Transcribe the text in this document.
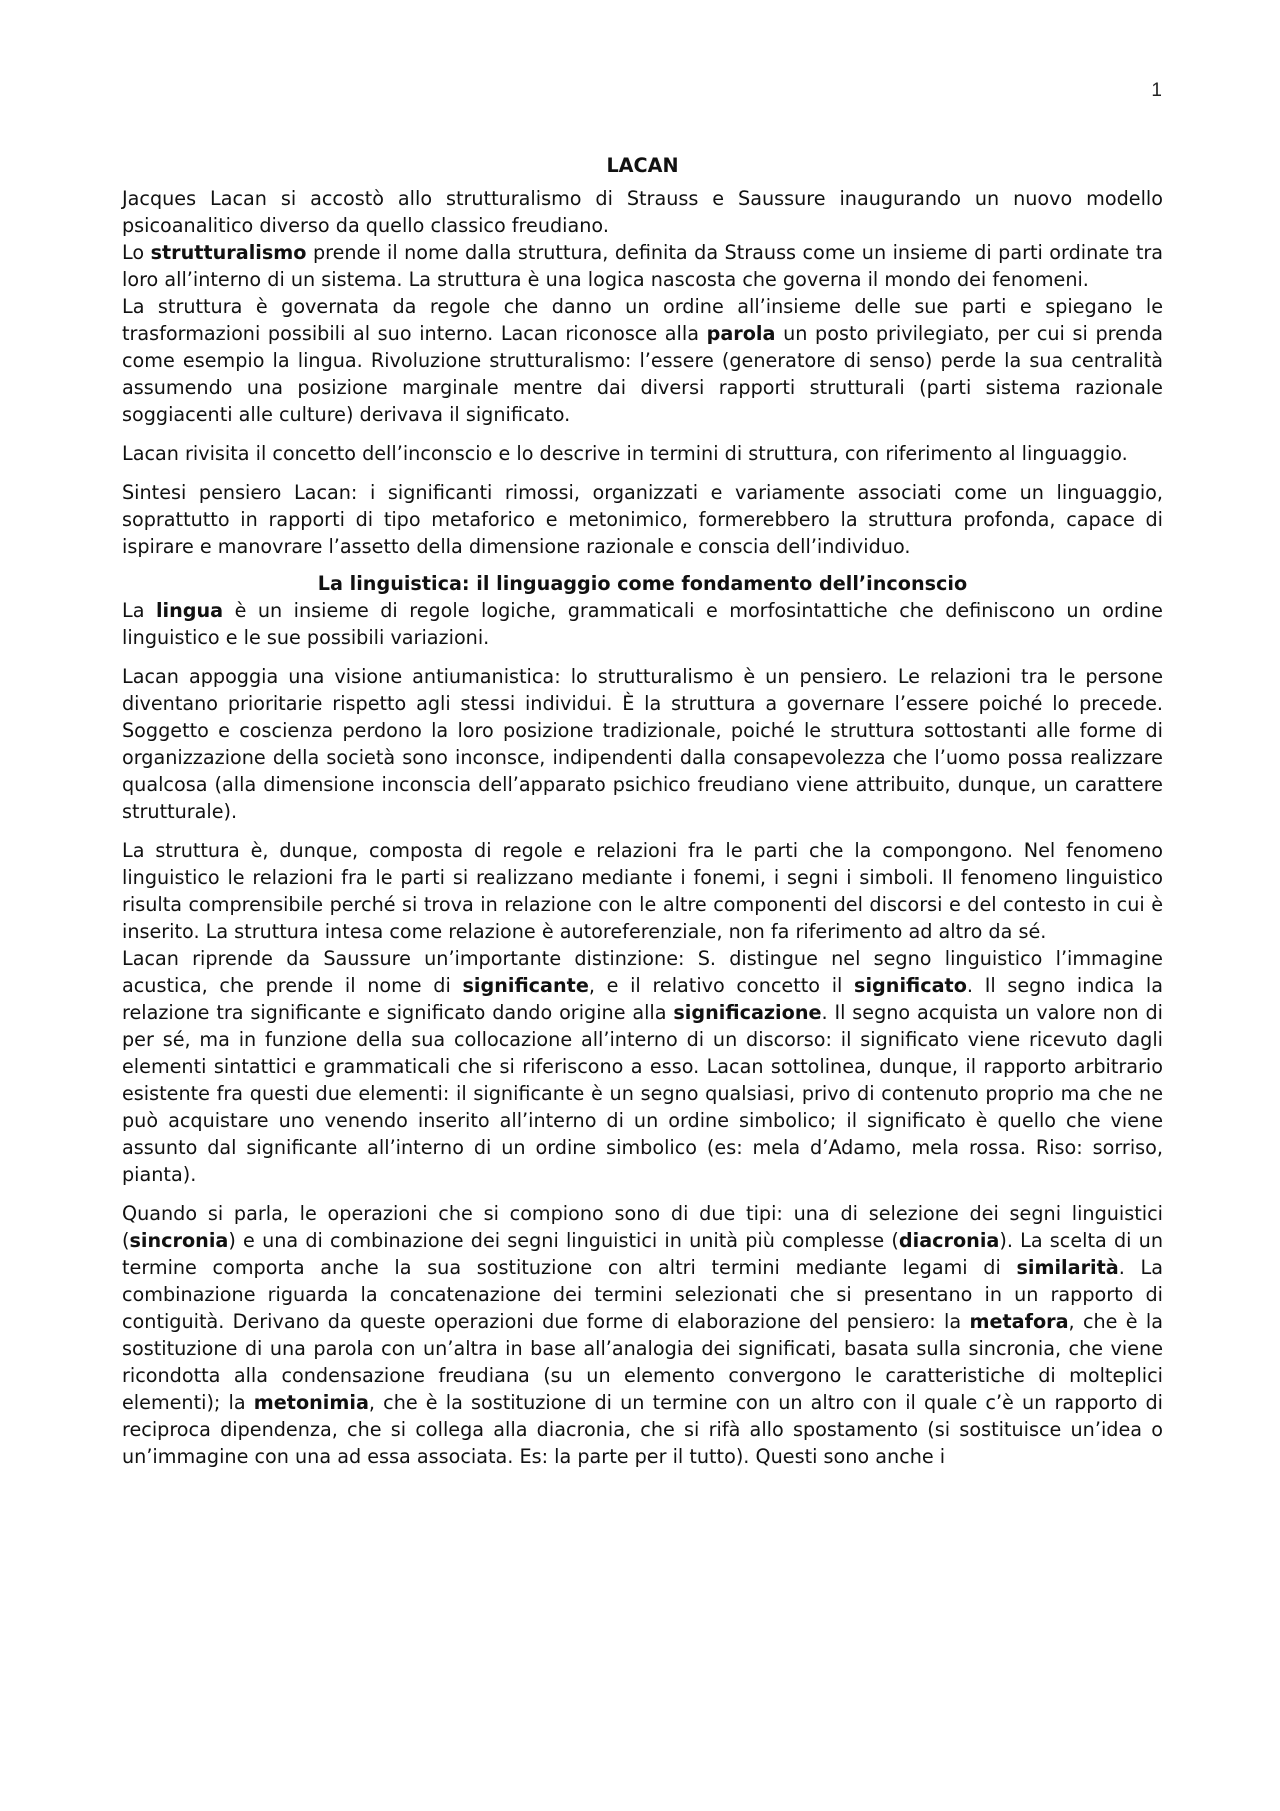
1
LACAN

Jacques Lacan si accostò allo strutturalismo di Strauss e Saussure inaugurando un nuovo modello psicoanalitico diverso da quello classico freudiano.

Lo strutturalismo prende il nome dalla struttura, definita da Strauss come un insieme di parti ordinate tra loro all’interno di un sistema. La struttura è una logica nascosta che governa il mondo dei fenomeni.

La struttura è governata da regole che danno un ordine all’insieme delle sue parti e spiegano le trasformazioni possibili al suo interno. Lacan riconosce alla parola un posto privilegiato, per cui si prenda come esempio la lingua. Rivoluzione strutturalismo: l’essere (generatore di senso) perde la sua centralità assumendo una posizione marginale mentre dai diversi rapporti strutturali (parti sistema razionale soggiacenti alle culture) derivava il significato.

Lacan rivisita il concetto dell’inconscio e lo descrive in termini di struttura, con riferimento al linguaggio.

Sintesi pensiero Lacan: i significanti rimossi, organizzati e variamente associati come un linguaggio, soprattutto in rapporti di tipo metaforico e metonimico, formerebbero la struttura profonda, capace di ispirare e manovrare l’assetto della dimensione razionale e conscia dell’individuo.

La linguistica: il linguaggio come fondamento dell’inconscio

La lingua è un insieme di regole logiche, grammaticali e morfosintattiche che definiscono un ordine linguistico e le sue possibili variazioni.

Lacan appoggia una visione antiumanistica: lo strutturalismo è un pensiero. Le relazioni tra le persone diventano prioritarie rispetto agli stessi individui. È la struttura a governare l’essere poiché lo precede. Soggetto e coscienza perdono la loro posizione tradizionale, poiché le struttura sottostanti alle forme di organizzazione della società sono inconsce, indipendenti dalla consapevolezza che l’uomo possa realizzare qualcosa (alla dimensione inconscia dell’apparato psichico freudiano viene attribuito, dunque, un carattere strutturale).

La struttura è, dunque, composta di regole e relazioni fra le parti che la compongono. Nel fenomeno linguistico le relazioni fra le parti si realizzano mediante i fonemi, i segni i simboli. Il fenomeno linguistico risulta comprensibile perché si trova in relazione con le altre componenti del discorsi e del contesto in cui è inserito. La struttura intesa come relazione è autoreferenziale, non fa riferimento ad altro da sé.

Lacan riprende da Saussure un’importante distinzione: S. distingue nel segno linguistico l’immagine acustica, che prende il nome di significante, e il relativo concetto il significato. Il segno indica la relazione tra significante e significato dando origine alla significazione. Il segno acquista un valore non di per sé, ma in funzione della sua collocazione all’interno di un discorso: il significato viene ricevuto dagli elementi sintattici e grammaticali che si riferiscono a esso. Lacan sottolinea, dunque, il rapporto arbitrario esistente fra questi due elementi: il significante è un segno qualsiasi, privo di contenuto proprio ma che ne può acquistare uno venendo inserito all’interno di un ordine simbolico; il significato è quello che viene assunto dal significante all’interno di un ordine simbolico (es: mela d’Adamo, mela rossa. Riso: sorriso, pianta).

Quando si parla, le operazioni che si compiono sono di due tipi: una di selezione dei segni linguistici (sincronia) e una di combinazione dei segni linguistici in unità più complesse (diacronia). La scelta di un termine comporta anche la sua sostituzione con altri termini mediante legami di similarità. La combinazione riguarda la concatenazione dei termini selezionati che si presentano in un rapporto di contiguità. Derivano da queste operazioni due forme di elaborazione del pensiero: la metafora, che è la sostituzione di una parola con un’altra in base all’analogia dei significati, basata sulla sincronia, che viene ricondotta alla condensazione freudiana (su un elemento convergono le caratteristiche di molteplici elementi); la metonimia, che è la sostituzione di un termine con un altro con il quale c’è un rapporto di reciproca dipendenza, che si collega alla diacronia, che si rifà allo spostamento (si sostituisce un’idea o un’immagine con una ad essa associata. Es: la parte per il tutto). Questi sono anche i
